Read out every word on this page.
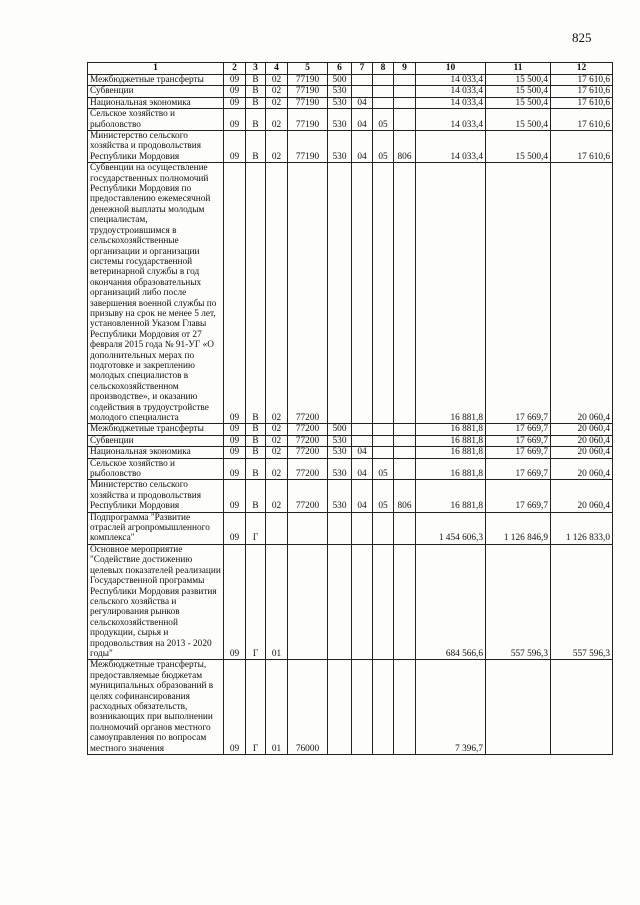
825
1	2	3	4	5	6	7	8	9	10	11	12
Межбюджетные трансферты	09	В	02	77190	500				14 033,4	15 500,4	17 610,6
Субвенции	09	В	02	77190	530				14 033,4	15 500,4	17 610,6
Национальная экономика	09	В	02	77190	530	04			14 033,4	15 500,4	17 610,6
Сельское хозяйство и рыболовство	09	В	02	77190	530	04	05		14 033,4	15 500,4	17 610,6
Министерство сельского хозяйства и продовольствия Республики Мордовия	09	В	02	77190	530	04	05	806	14 033,4	15 500,4	17 610,6
Субвенции на осуществление государственных полномочий Республики Мордовия по предоставлению ежемесячной денежной выплаты молодым специалистам, трудоустроившимся в сельскохозяйственные организации и организации системы государственной ветеринарной службы в год окончания образовательных организаций либо после завершения военной службы по призыву на срок не менее 5 лет, установленной Указом Главы Республики Мордовия от 27 февраля 2015 года № 91-УГ «О дополнительных мерах по подготовке и закреплению молодых специалистов в сельскохозяйственном производстве», и оказанию содействия в трудоустройстве молодого специалиста	09	В	02	77200					16 881,8	17 669,7	20 060,4
Межбюджетные трансферты	09	В	02	77200	500				16 881,8	17 669,7	20 060,4
Субвенции	09	В	02	77200	530				16 881,8	17 669,7	20 060,4
Национальная экономика	09	В	02	77200	530	04			16 881,8	17 669,7	20 060,4
Сельское хозяйство и рыболовство	09	В	02	77200	530	04	05		16 881,8	17 669,7	20 060,4
Министерство сельского хозяйства и продовольствия Республики Мордовия	09	В	02	77200	530	04	05	806	16 881,8	17 669,7	20 060,4
Подпрограмма "Развитие отраслей агропромышленного комплекса"	09	Г							1 454 606,3	1 126 846,9	1 126 833,0
Основное мероприятие "Содействие достижению целевых показателей реализации Государственной программы Республики Мордовия развития сельского хозяйства и регулирования рынков сельскохозяйственной продукции, сырья и продовольствия на 2013 - 2020 годы"	09	Г	01						684 566,6	557 596,3	557 596,3
Межбюджетные трансферты, предоставляемые бюджетам муниципальных образований в целях софинансирования расходных обязательств, возникающих при выполнении полномочий органов местного самоуправления по вопросам местного значения	09	Г	01	76000					7 396,7		
